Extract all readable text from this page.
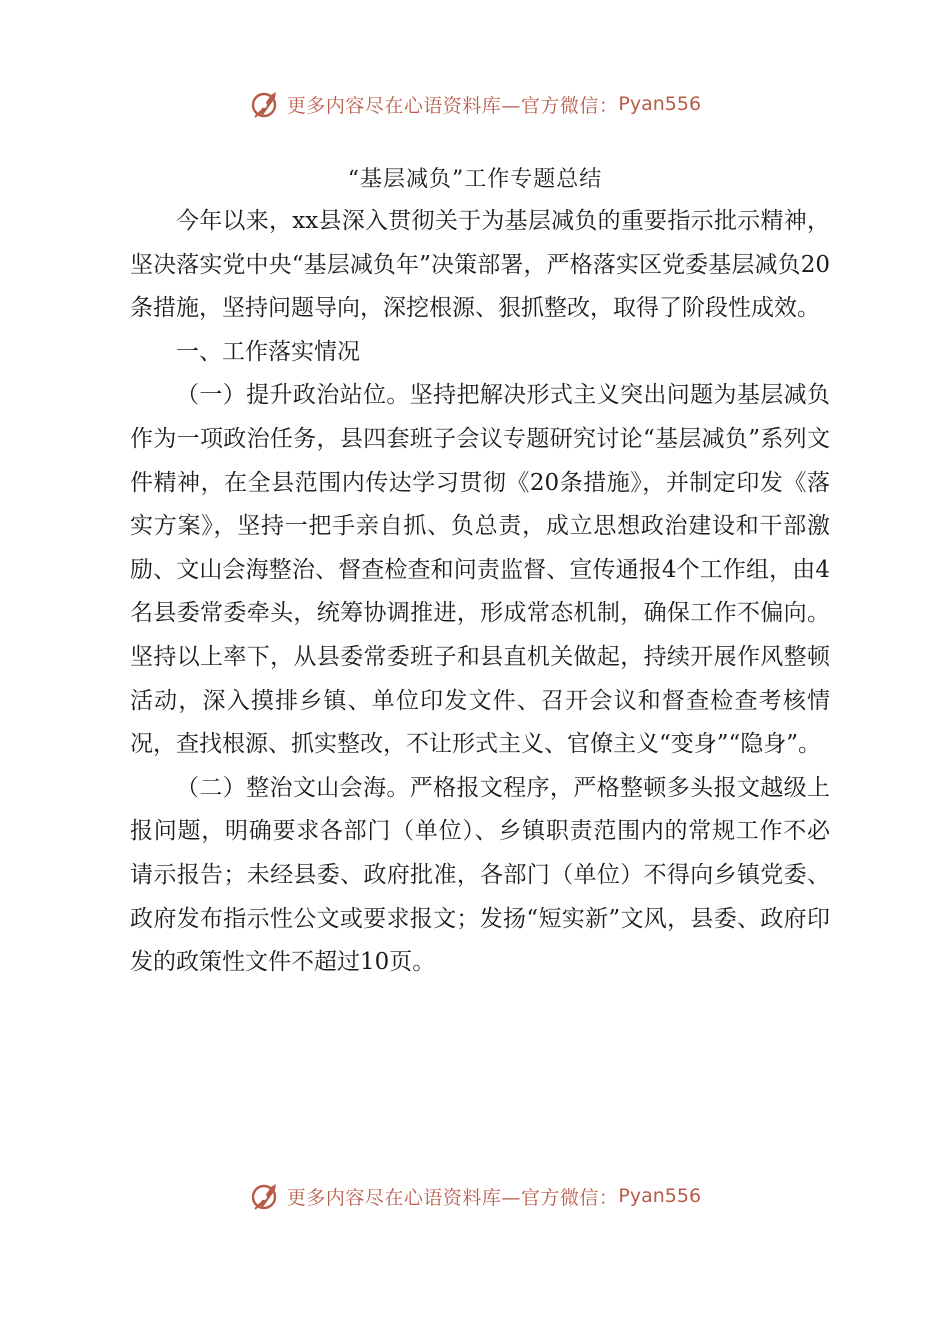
更多内容尽在心语资料库—官方微信： Pyan556
“基层减负”工作专题总结

今年以来，xx县深入贯彻关于为基层减负的重要指示批示精神，坚决落实党中央“基层减负年”决策部署，严格落实区党委基层减负20条措施，坚持问题导向，深挖根源、狠抓整改，取得了阶段性成效。

一、工作落实情况

（一）提升政治站位。坚持把解决形式主义突出问题为基层减负作为一项政治任务，县四套班子会议专题研究讨论“基层减负”系列文件精神，在全县范围内传达学习贯彻《20条措施》，并制定印发《落实方案》，坚持一把手亲自抓、负总责，成立思想政治建设和干部激励、文山会海整治、督查检查和问责监督、宣传通报4个工作组，由4名县委常委牵头，统筹协调推进，形成常态机制，确保工作不偏向。坚持以上率下，从县委常委班子和县直机关做起，持续开展作风整顿活动，深入摸排乡镇、单位印发文件、召开会议和督查检查考核情况，查找根源、抓实整改，不让形式主义、官僚主义“变身”“隐身”。

（二）整治文山会海。严格报文程序，严格整顿多头报文越级上报问题，明确要求各部门（单位）、乡镇职责范围内的常规工作不必请示报告；未经县委、政府批准，各部门（单位）不得向乡镇党委、政府发布指示性公文或要求报文；发扬“短实新”文风，县委、政府印发的政策性文件不超过10页。

更多内容尽在心语资料库—官方微信： Pyan556
